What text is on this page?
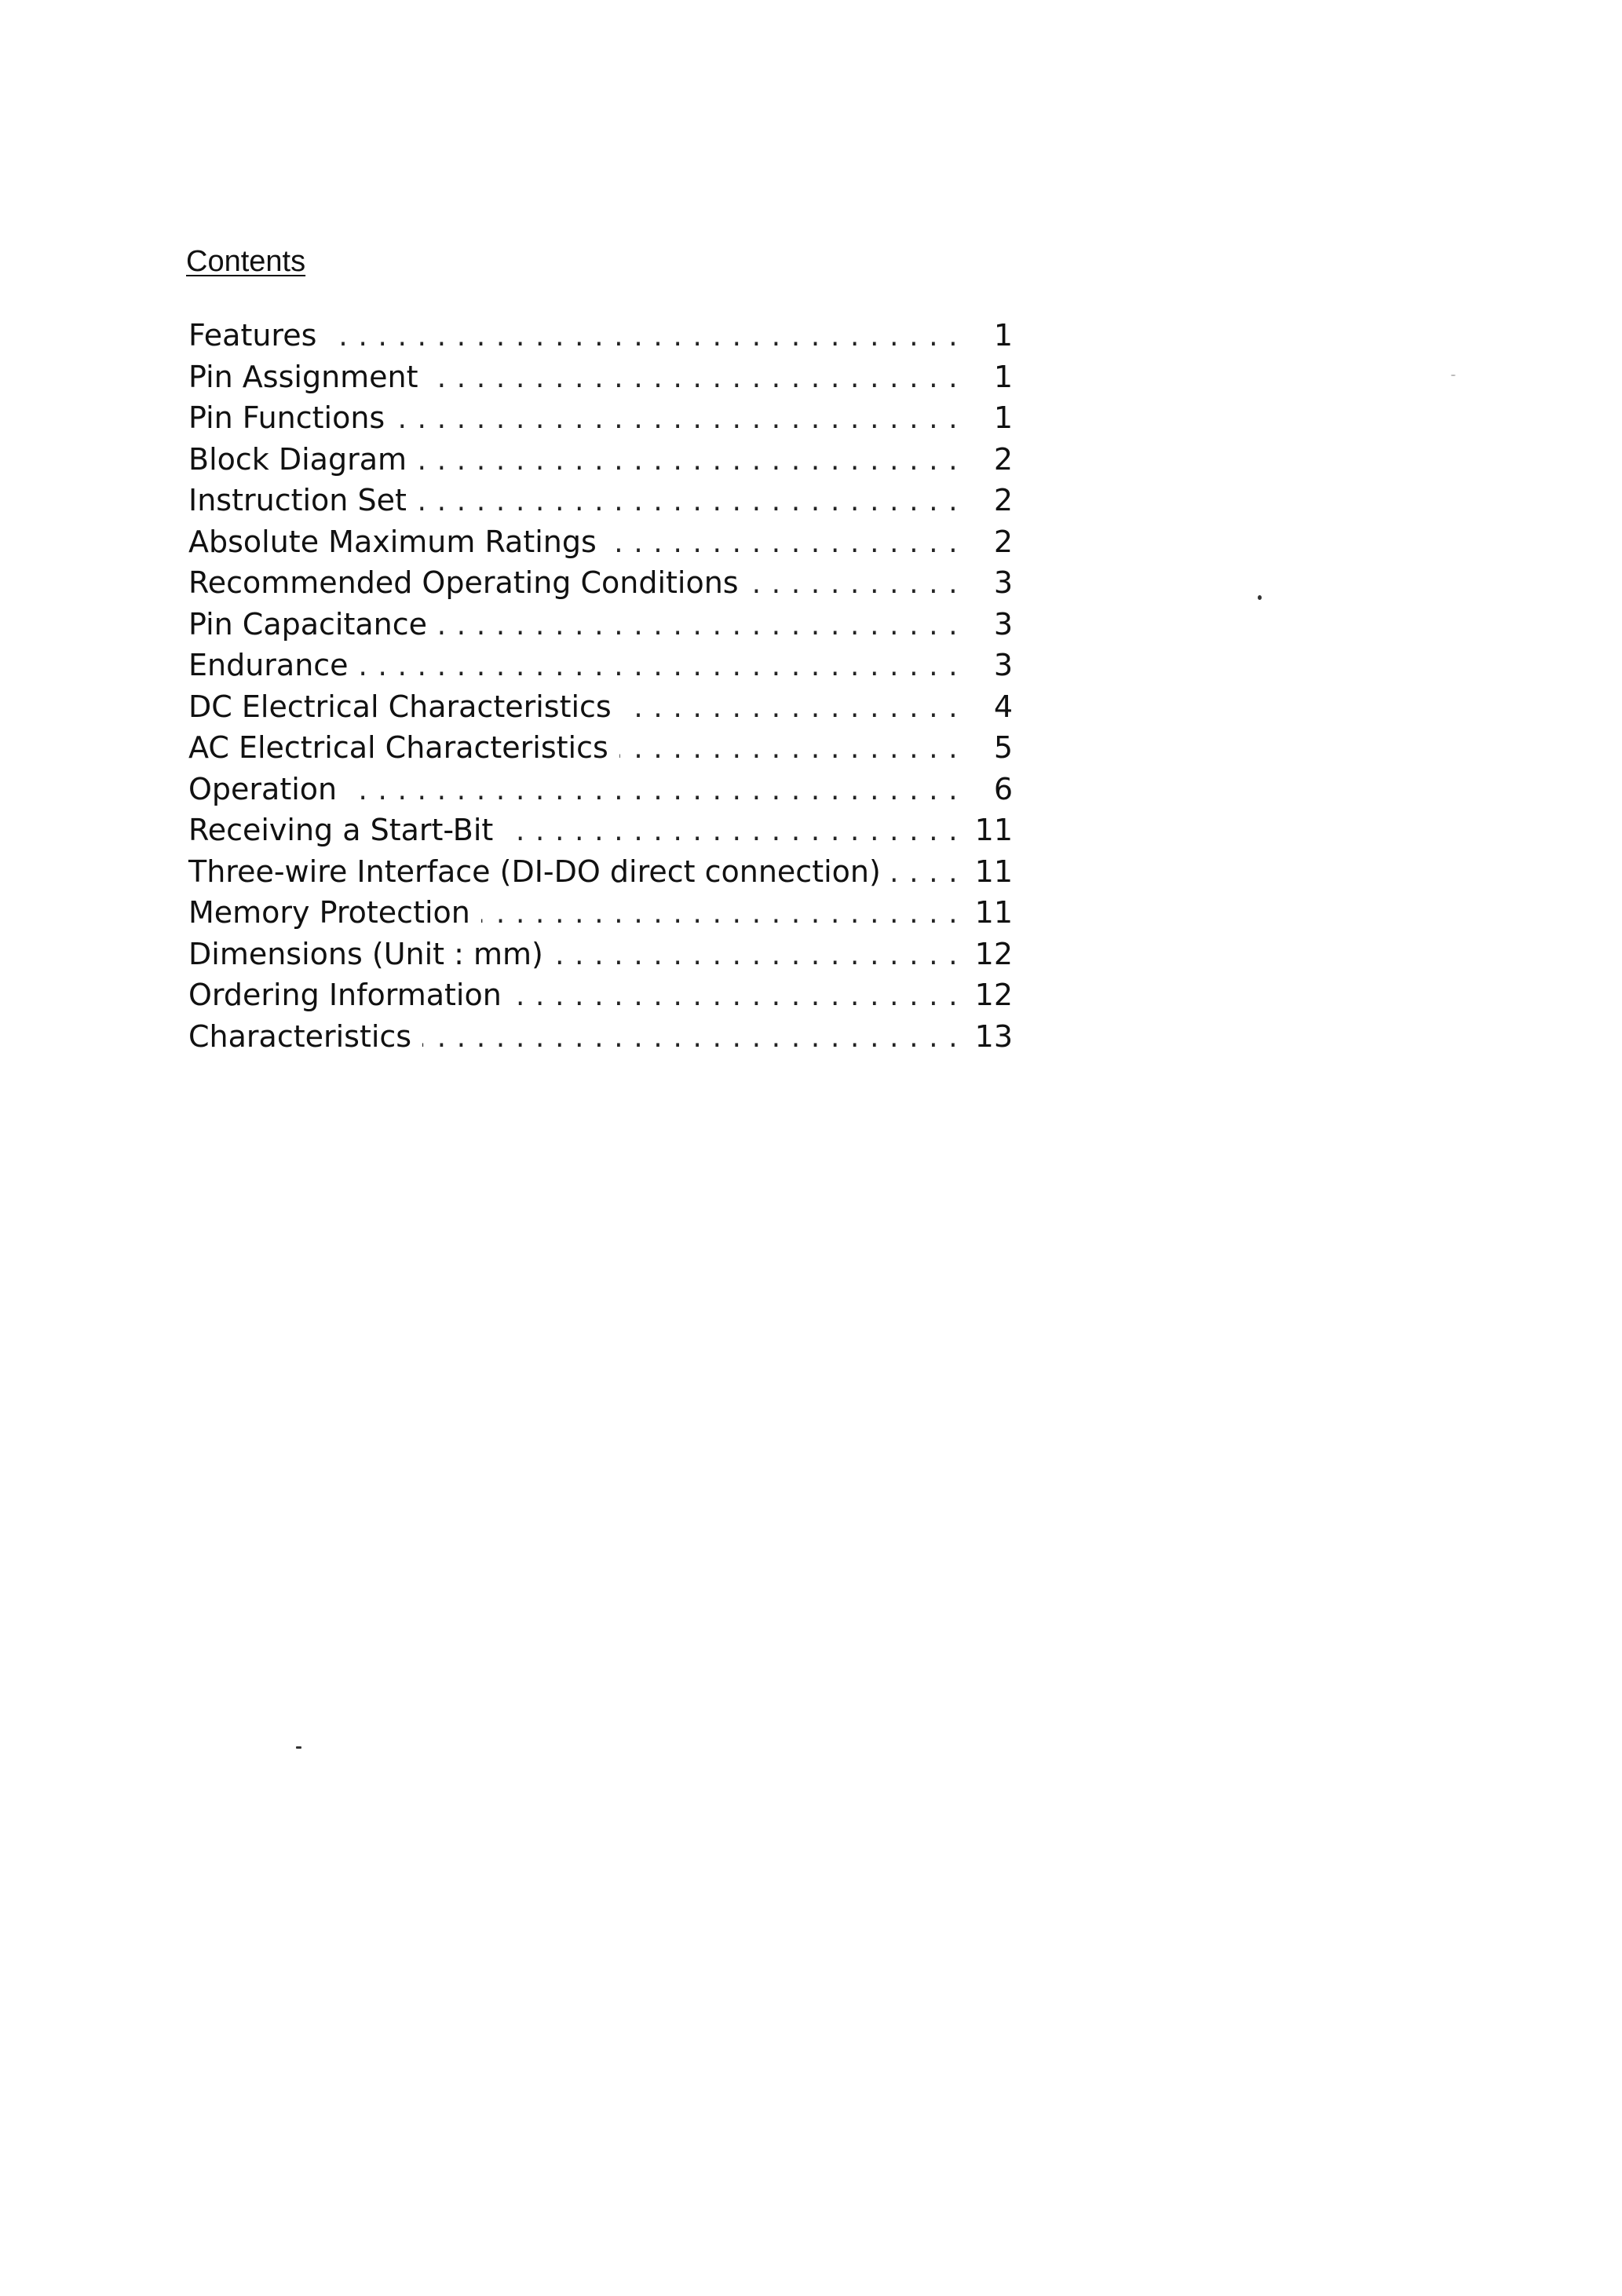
Contents
Features .....	1
Pin Assignment .....	1
Pin Functions .....	1
Block Diagram .....	2
Instruction Set .....	2
Absolute Maximum Ratings .....	2
Recommended Operating Conditions .....	3
Pin Capacitance .....	3
Endurance .....	3
DC Electrical Characteristics .....	4
AC Electrical Characteristics .....	5
Operation .....	6
Receiving a Start-Bit .....	11
Three-wire Interface (DI-DO direct connection) .....	11
Memory Protection .....	11
Dimensions (Unit : mm) .....	12
Ordering Information .....	12
Characteristics .....	13
